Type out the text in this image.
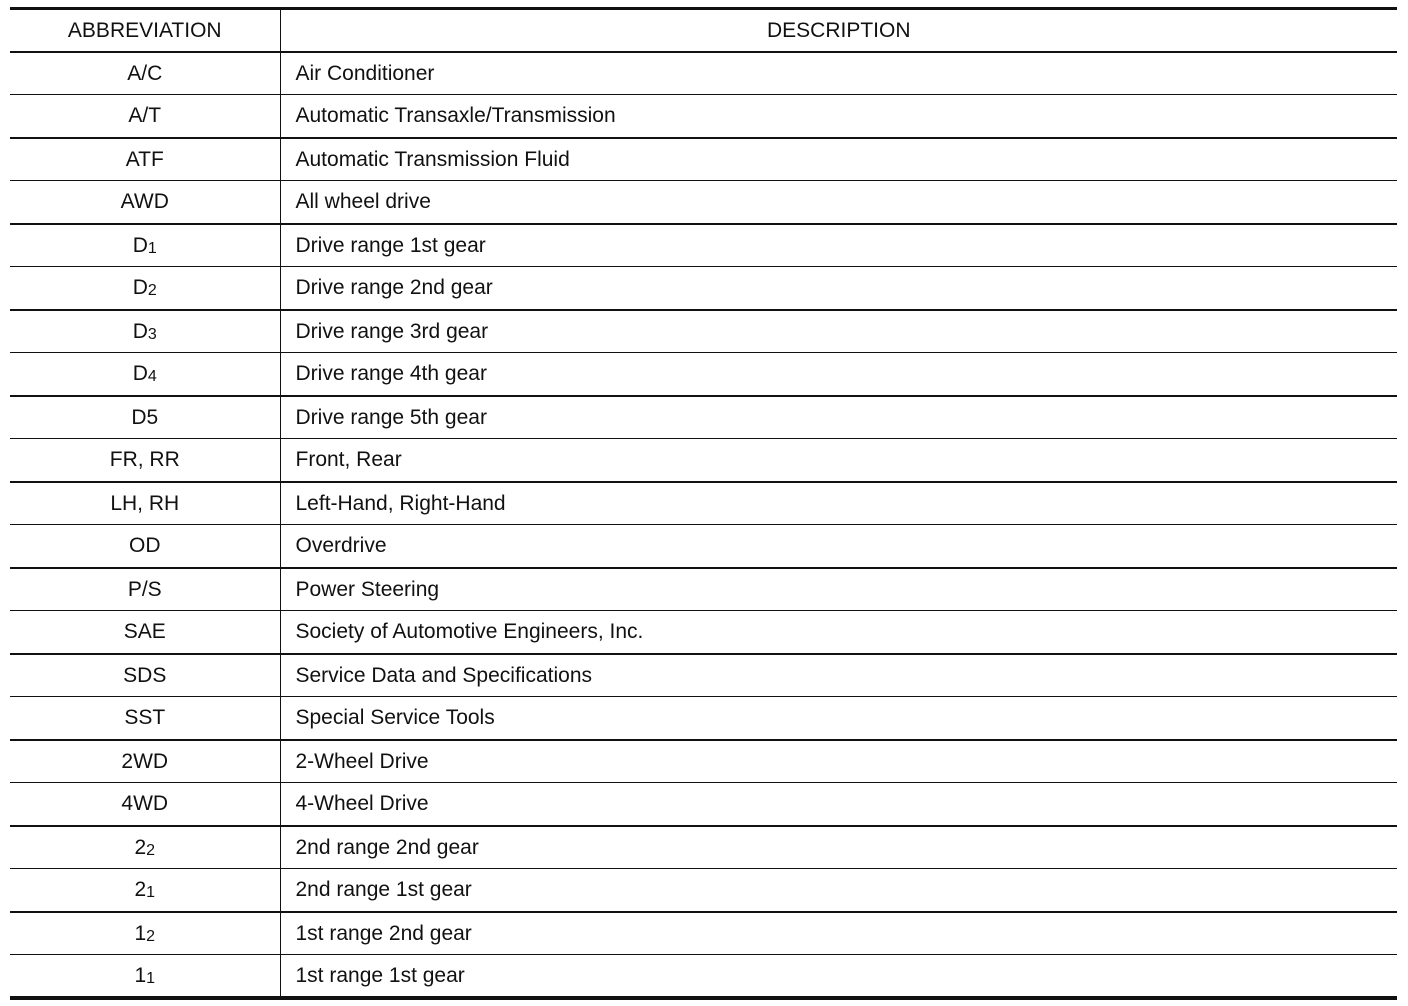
ABBREVIATION	DESCRIPTION
A/C	Air Conditioner
A/T	Automatic Transaxle/Transmission
ATF	Automatic Transmission Fluid
AWD	All wheel drive
D1	Drive range 1st gear
D2	Drive range 2nd gear
D3	Drive range 3rd gear
D4	Drive range 4th gear
D5	Drive range 5th gear
FR, RR	Front, Rear
LH, RH	Left-Hand, Right-Hand
OD	Overdrive
P/S	Power Steering
SAE	Society of Automotive Engineers, Inc.
SDS	Service Data and Specifications
SST	Special Service Tools
2WD	2-Wheel Drive
4WD	4-Wheel Drive
22	2nd range 2nd gear
21	2nd range 1st gear
12	1st range 2nd gear
11	1st range 1st gear
